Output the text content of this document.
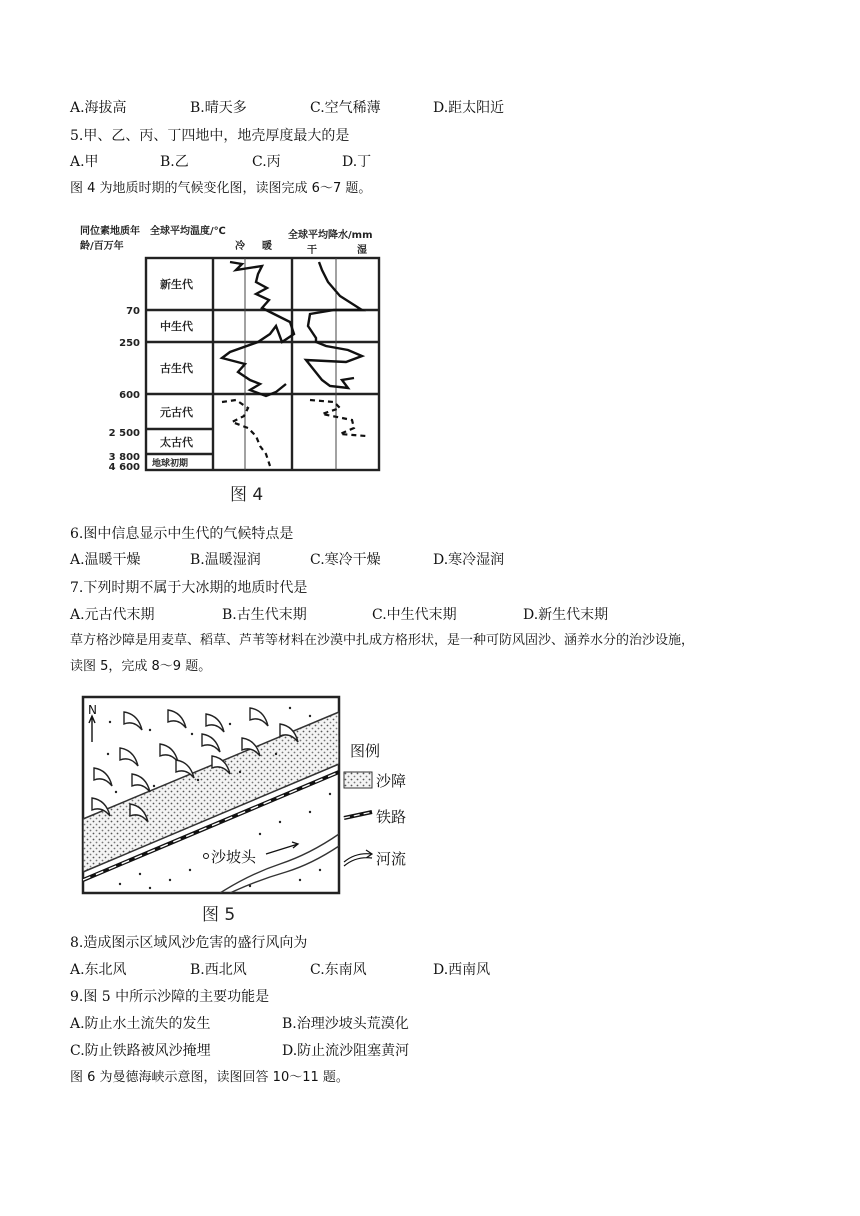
A.海拔高	B.晴天多	C.空气稀薄	D.距太阳近
5.甲、乙、丙、丁四地中，地壳厚度最大的是
A.甲	B.乙	C.丙	D.丁
图 4 为地质时期的气候变化图，读图完成 6～7 题。
同位素地质年
龄/百万年
全球平均温度/℃
冷 暖
全球平均降水/mm
干	湿
新生代
中生代
古生代
元古代
太古代
地球初期
70
250
600
2 500
3 800
4 600
图 4
6.图中信息显示中生代的气候特点是
A.温暖干燥	B.温暖湿润	C.寒冷干燥	D.寒冷湿润
7.下列时期不属于大冰期的地质时代是
A.元古代末期	B.古生代末期	C.中生代末期	D.新生代末期
草方格沙障是用麦草、稻草、芦苇等材料在沙漠中扎成方格形状，是一种可防风固沙、涵养水分的治沙设施，
读图 5，完成 8～9 题。
N
沙坡头
图例
沙障
铁路
河流
图 5
8.造成图示区域风沙危害的盛行风向为
A.东北风	B.西北风	C.东南风	D.西南风
9.图 5 中所示沙障的主要功能是
A.防止水土流失的发生	B.治理沙坡头荒漠化
C.防止铁路被风沙掩埋	D.防止流沙阻塞黄河
图 6 为曼德海峡示意图，读图回答 10～11 题。
